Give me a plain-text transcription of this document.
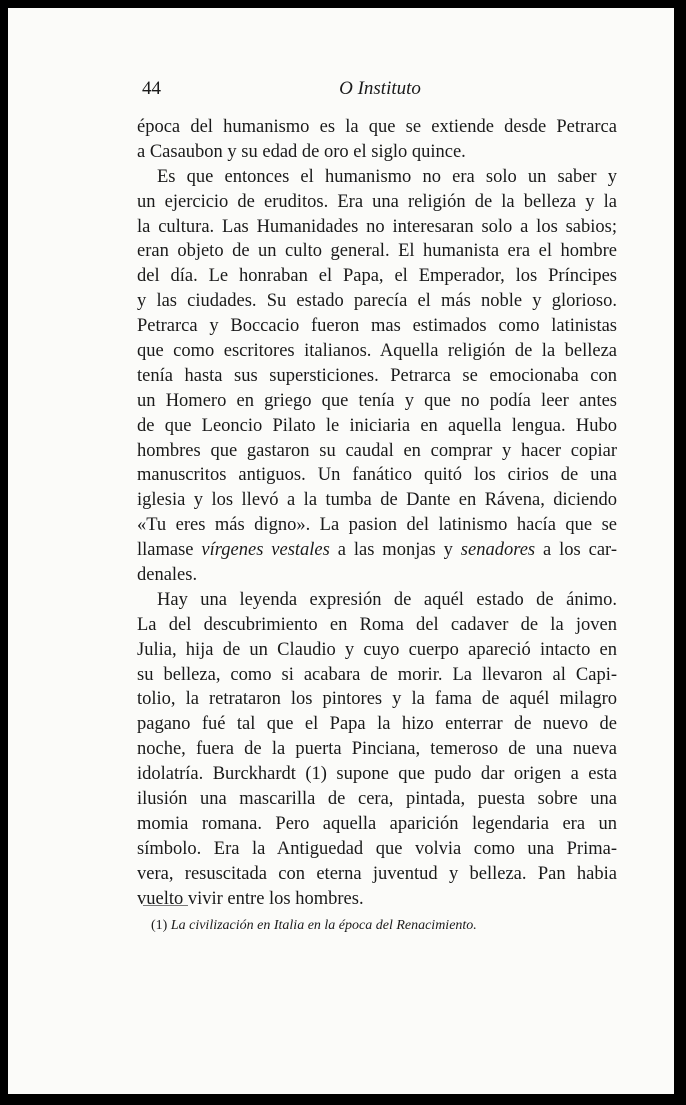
44	O Instituto
época del humanismo es la que se extiende desde Petrarca
a Casaubon y su edad de oro el siglo quince.
Es que entonces el humanismo no era solo un saber y
un ejercicio de eruditos. Era una religión de la belleza y la
la cultura. Las Humanidades no interesaran solo a los sabios;
eran objeto de un culto general. El humanista era el hombre
del día. Le honraban el Papa, el Emperador, los Príncipes
y las ciudades. Su estado parecía el más noble y glorioso.
Petrarca y Boccacio fueron mas estimados como latinistas
que como escritores italianos. Aquella religión de la belleza
tenía hasta sus supersticiones. Petrarca se emocionaba con
un Homero en griego que tenía y que no podía leer antes
de que Leoncio Pilato le iniciaria en aquella lengua. Hubo
hombres que gastaron su caudal en comprar y hacer copiar
manuscritos antiguos. Un fanático quitó los cirios de una
iglesia y los llevó a la tumba de Dante en Rávena, diciendo
«Tu eres más digno». La pasion del latinismo hacía que se
llamase vírgenes vestales a las monjas y senadores a los car-
denales.
Hay una leyenda expresión de aquél estado de ánimo.
La del descubrimiento en Roma del cadaver de la joven
Julia, hija de un Claudio y cuyo cuerpo apareció intacto en
su belleza, como si acabara de morir. La llevaron al Capi-
tolio, la retrataron los pintores y la fama de aquél milagro
pagano fué tal que el Papa la hizo enterrar de nuevo de
noche, fuera de la puerta Pinciana, temeroso de una nueva
idolatría. Burckhardt (1) supone que pudo dar origen a esta
ilusión una mascarilla de cera, pintada, puesta sobre una
momia romana. Pero aquella aparición legendaria era un
símbolo. Era la Antiguedad que volvia como una Prima-
vera, resuscitada con eterna juventud y belleza. Pan habia
vuelto vivir entre los hombres.
(1) La civilización en Italia en la época del Renacimiento.
